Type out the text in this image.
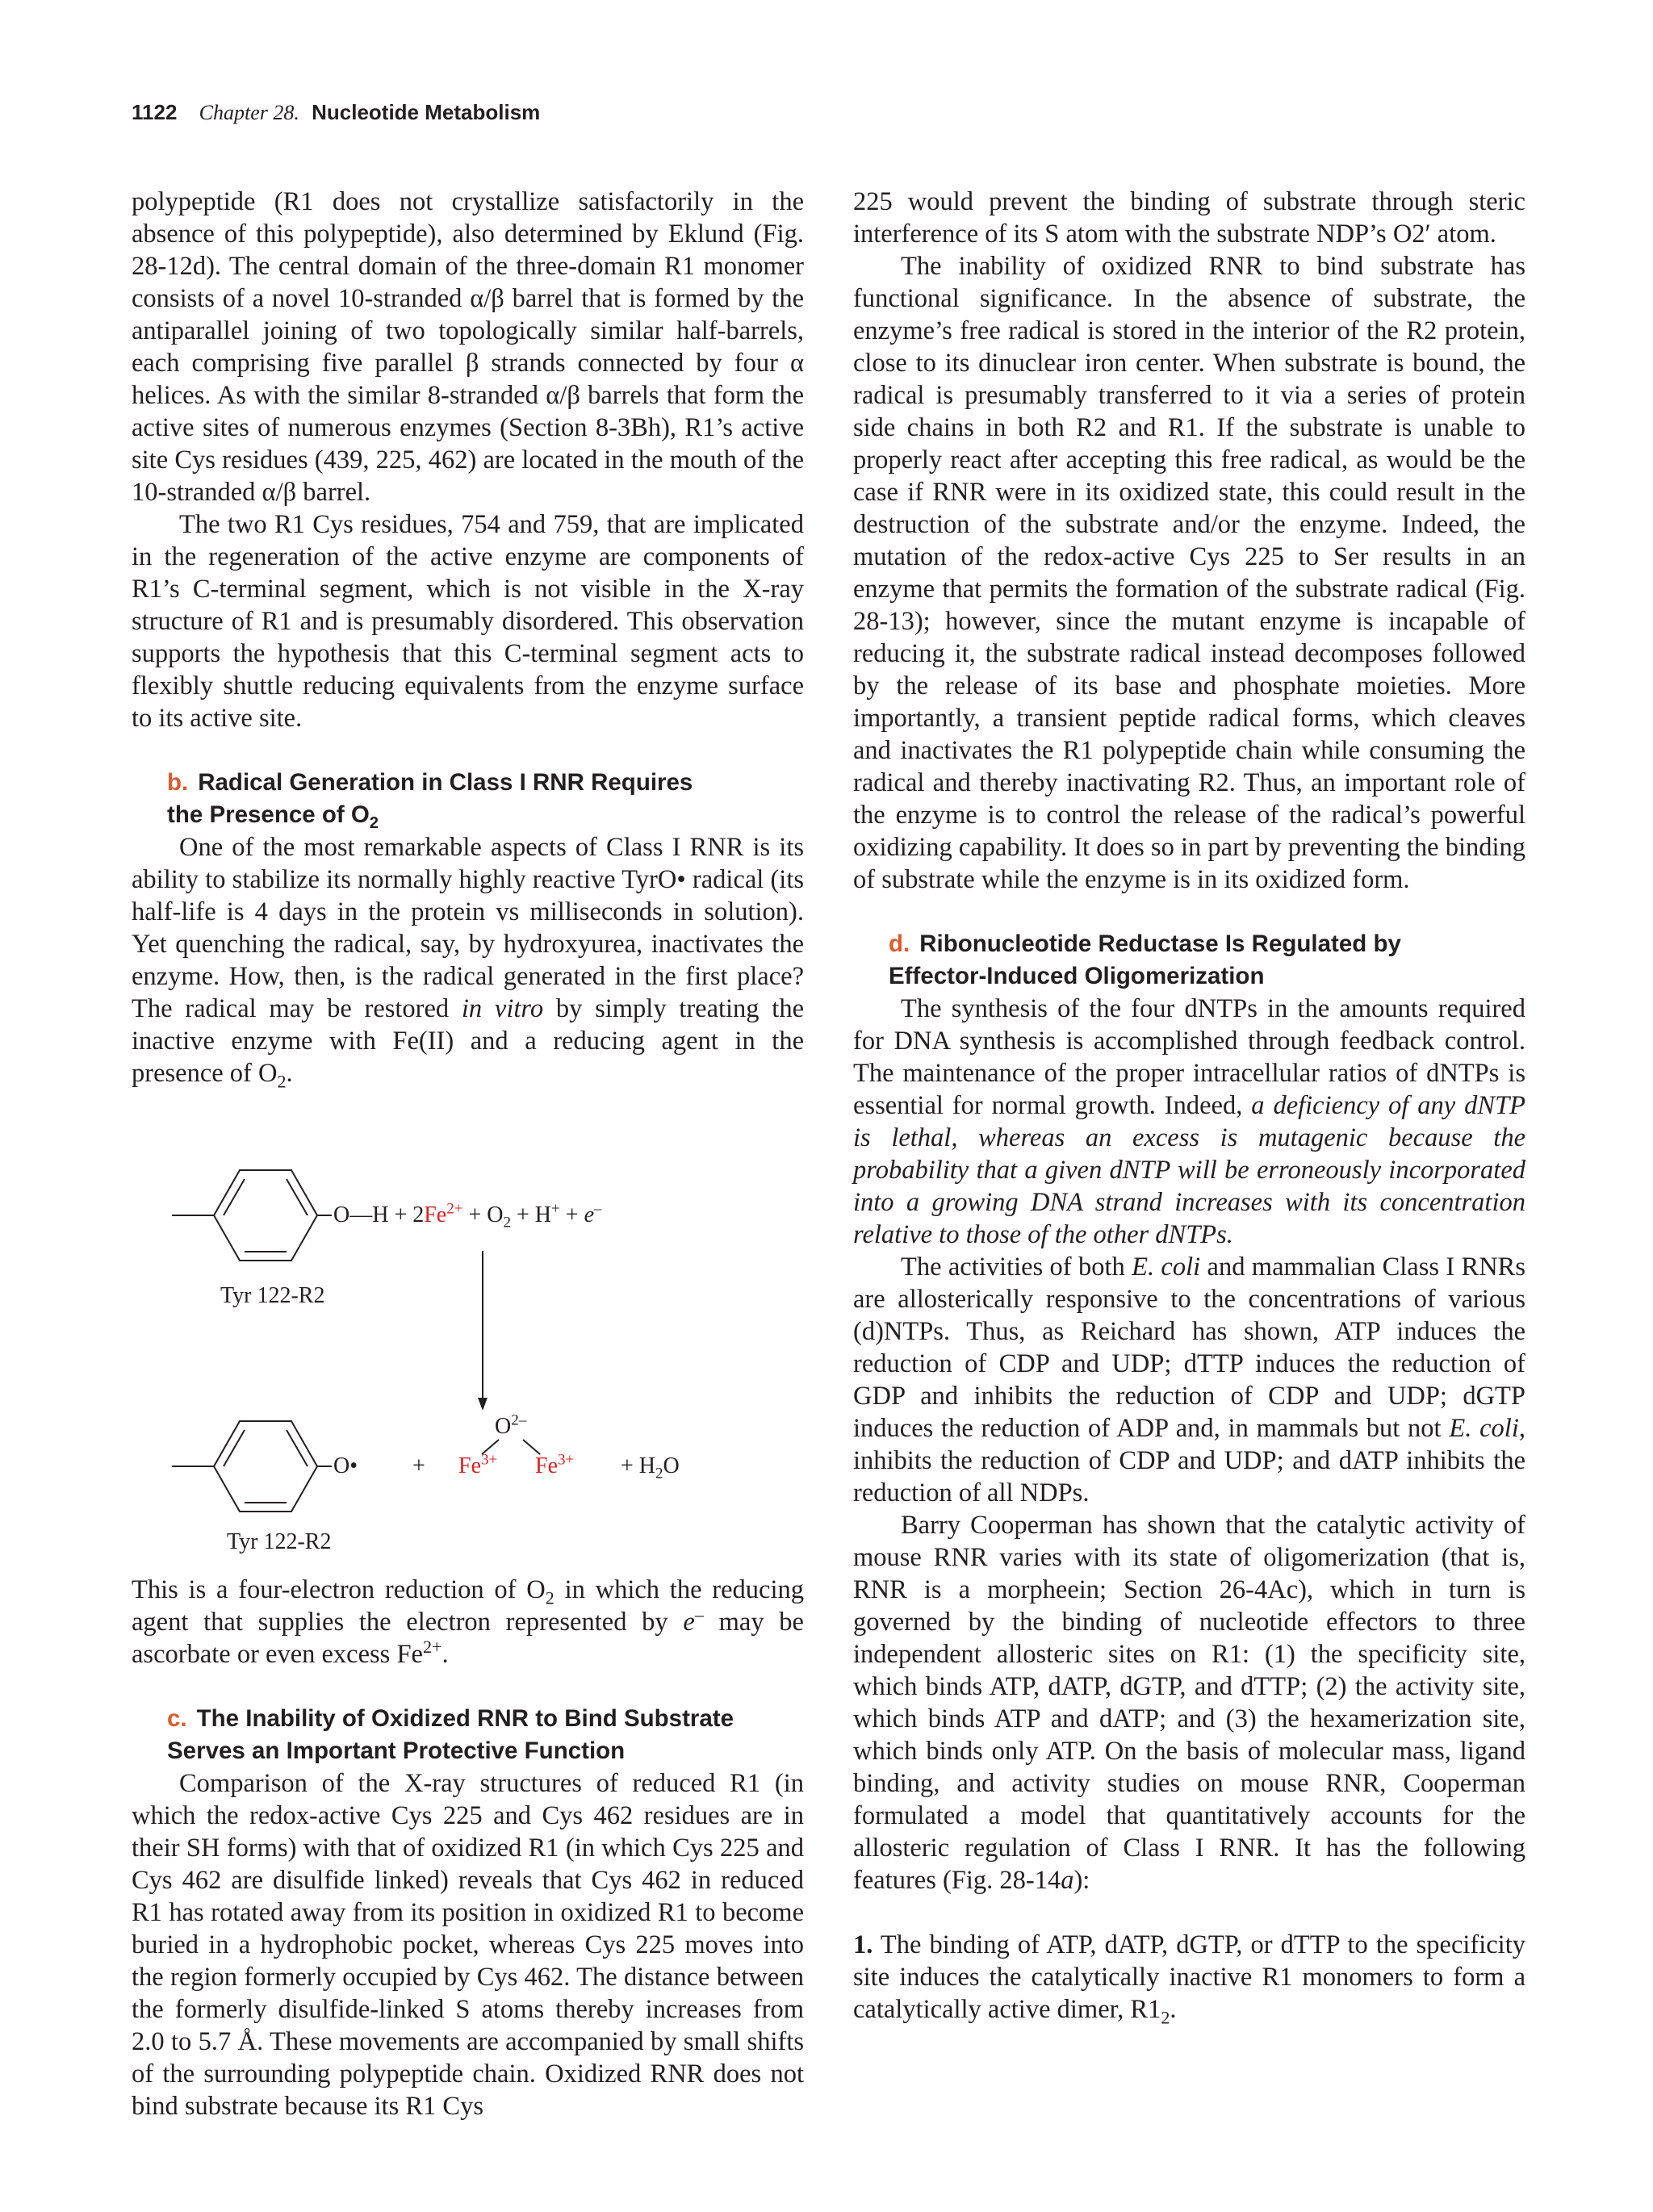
1122 Chapter 28. Nucleotide Metabolism

polypeptide (R1 does not crystallize satisfactorily in the absence of this polypeptide), also determined by Eklund (Fig. 28-12d). The central domain of the three-domain R1 monomer consists of a novel 10-stranded α/β barrel that is formed by the antiparallel joining of two topologically similar half-barrels, each comprising five parallel β strands connected by four α helices. As with the similar 8-stranded α/β barrels that form the active sites of numerous enzymes (Section 8-3Bh), R1’s active site Cys residues (439, 225, 462) are located in the mouth of the 10-stranded α/β barrel.

The two R1 Cys residues, 754 and 759, that are implicated in the regeneration of the active enzyme are components of R1’s C-terminal segment, which is not visible in the X-ray structure of R1 and is presumably disordered. This observation supports the hypothesis that this C-terminal segment acts to flexibly shuttle reducing equivalents from the enzyme surface to its active site.

b. Radical Generation in Class I RNR Requires
the Presence of $O_2$

One of the most remarkable aspects of Class I RNR is its ability to stabilize its normally highly reactive TyrO• radical (its half-life is 4 days in the protein vs milliseconds in solution). Yet quenching the radical, say, by hydroxyurea, inactivates the enzyme. How, then, is the radical generated in the first place? The radical may be restored in vitro by simply treating the inactive enzyme with Fe(II) and a reducing agent in the presence of $O_2$.

O—H + $2Fe^{2+} + O_2 + H^+ + e^-$
Tyr 122-R2
$O^{2-}$
O• + $Fe^{3+}$ $Fe^{3+} + H_2O$
Tyr 122-R2

This is a four-electron reduction of $O_2$ in which the reducing agent that supplies the electron represented by e– may be ascorbate or even excess $Fe^{2+}$.

c. The Inability of Oxidized RNR to Bind Substrate
Serves an Important Protective Function

Comparison of the X-ray structures of reduced R1 (in which the redox-active Cys 225 and Cys 462 residues are in their SH forms) with that of oxidized R1 (in which Cys 225 and Cys 462 are disulfide linked) reveals that Cys 462 in reduced R1 has rotated away from its position in oxidized R1 to become buried in a hydrophobic pocket, whereas Cys 225 moves into the region formerly occupied by Cys 462. The distance between the formerly disulfide-linked S atoms thereby increases from 2.0 to 5.7 Å. These movements are accompanied by small shifts of the surrounding polypeptide chain. Oxidized RNR does not bind substrate because its R1 Cys

225 would prevent the binding of substrate through steric interference of its S atom with the substrate NDP’s O2′ atom.

The inability of oxidized RNR to bind substrate has functional significance. In the absence of substrate, the enzyme’s free radical is stored in the interior of the R2 protein, close to its dinuclear iron center. When substrate is bound, the radical is presumably transferred to it via a series of protein side chains in both R2 and R1. If the substrate is unable to properly react after accepting this free radical, as would be the case if RNR were in its oxidized state, this could result in the destruction of the substrate and/or the enzyme. Indeed, the mutation of the redox-active Cys 225 to Ser results in an enzyme that permits the formation of the substrate radical (Fig. 28-13); however, since the mutant enzyme is incapable of reducing it, the substrate radical instead decomposes followed by the release of its base and phosphate moieties. More importantly, a transient peptide radical forms, which cleaves and inactivates the R1 polypeptide chain while consuming the radical and thereby inactivating R2. Thus, an important role of the enzyme is to control the release of the radical’s powerful oxidizing capability. It does so in part by preventing the binding of substrate while the enzyme is in its oxidized form.

d. Ribonucleotide Reductase Is Regulated by
Effector-Induced Oligomerization

The synthesis of the four dNTPs in the amounts required for DNA synthesis is accomplished through feedback control. The maintenance of the proper intracellular ratios of dNTPs is essential for normal growth. Indeed, a deficiency of any dNTP is lethal, whereas an excess is mutagenic because the probability that a given dNTP will be erroneously incorporated into a growing DNA strand increases with its concentration relative to those of the other dNTPs.

The activities of both E. coli and mammalian Class I RNRs are allosterically responsive to the concentrations of various (d)NTPs. Thus, as Reichard has shown, ATP induces the reduction of CDP and UDP; dTTP induces the reduction of GDP and inhibits the reduction of CDP and UDP; dGTP induces the reduction of ADP and, in mammals but not E. coli, inhibits the reduction of CDP and UDP; and dATP inhibits the reduction of all NDPs.

Barry Cooperman has shown that the catalytic activity of mouse RNR varies with its state of oligomerization (that is, RNR is a morpheein; Section 26-4Ac), which in turn is governed by the binding of nucleotide effectors to three independent allosteric sites on R1: (1) the specificity site, which binds ATP, dATP, dGTP, and dTTP; (2) the activity site, which binds ATP and dATP; and (3) the hexamerization site, which binds only ATP. On the basis of molecular mass, ligand binding, and activity studies on mouse RNR, Cooperman formulated a model that quantitatively accounts for the allosteric regulation of Class I RNR. It has the following features (Fig. 28-14a):

1. The binding of ATP, dATP, dGTP, or dTTP to the specificity site induces the catalytically inactive R1 monomers to form a catalytically active dimer, $R1_2$.
